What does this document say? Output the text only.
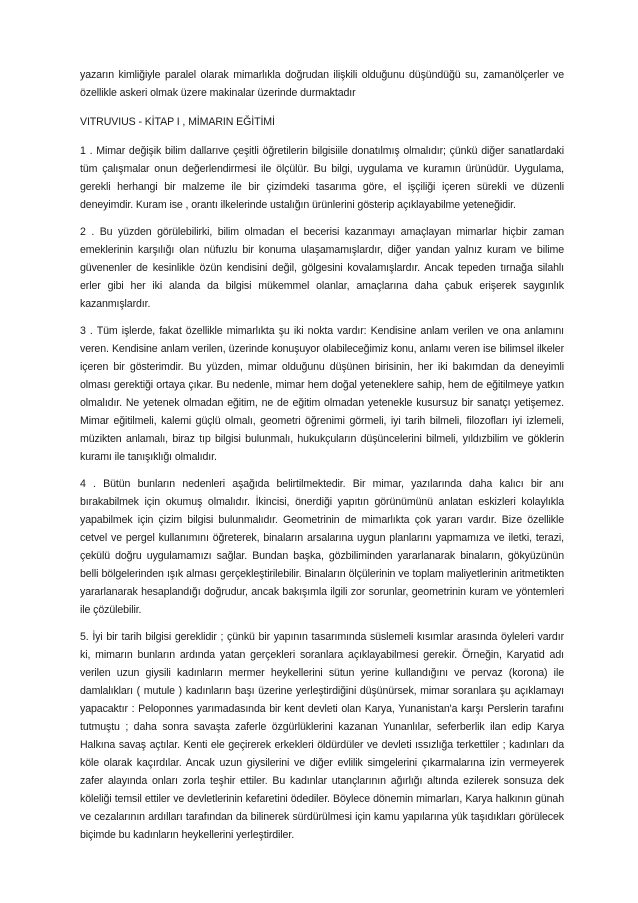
yazarın kimliğiyle paralel olarak mimarlıkla doğrudan ilişkili olduğunu düşündüğü su, zamanölçerler ve özellikle askeri olmak üzere makinalar üzerinde durmaktadır

VITRUVIUS - KİTAP I , MİMARIN EĞİTİMİ

1 . Mimar değişik bilim dallarıve çeşitli öğretilerin bilgisiile donatılmış olmalıdır; çünkü diğer sanatlardaki tüm çalışmalar onun değerlendirmesi ile ölçülür. Bu bilgi, uygulama ve kuramın ürünüdür. Uygulama, gerekli herhangi bir malzeme ile bir çizimdeki tasarıma göre, el işçiliği içeren sürekli ve düzenli deneyimdir. Kuram ise , orantı ilkelerinde ustalığın ürünlerini gösterip açıklayabilme yeteneğidir.

2 . Bu yüzden görülebilirki, bilim olmadan el becerisi kazanmayı amaçlayan mimarlar hiçbir zaman emeklerinin karşılığı olan nüfuzlu bir konuma ulaşamamışlardır, diğer yandan yalnız kuram ve bilime güvenenler de kesinlikle özün kendisini değil, gölgesini kovalamışlardır. Ancak tepeden tırnağa silahlı erler gibi her iki alanda da bilgisi mükemmel olanlar, amaçlarına daha çabuk erişerek saygınlık kazanmışlardır.

3 . Tüm işlerde, fakat özellikle mimarlıkta şu iki nokta vardır: Kendisine anlam verilen ve ona anlamını veren. Kendisine anlam verilen, üzerinde konuşuyor olabileceğimiz konu, anlamı veren ise bilimsel ilkeler içeren bir gösterimdir. Bu yüzden, mimar olduğunu düşünen birisinin, her iki bakımdan da deneyimli olması gerektiği ortaya çıkar. Bu nedenle, mimar hem doğal yeteneklere sahip, hem de eğitilmeye yatkın olmalıdır. Ne yetenek olmadan eğitim, ne de eğitim olmadan yetenekle kusursuz bir sanatçı yetişemez. Mimar eğitilmeli, kalemi güçlü olmalı, geometri öğrenimi görmeli, iyi tarih bilmeli, filozofları iyi izlemeli, müzikten anlamalı, biraz tıp bilgisi bulunmalı, hukukçuların düşüncelerini bilmeli, yıldızbilim ve göklerin kuramı ile tanışıklığı olmalıdır.

4 . Bütün bunların nedenleri aşağıda belirtilmektedir. Bir mimar, yazılarında daha kalıcı bir anı bırakabilmek için okumuş olmalıdır. İkincisi, önerdiği yapıtın görünümünü anlatan eskizleri kolaylıkla yapabilmek için çizim bilgisi bulunmalıdır. Geometrinin de mimarlıkta çok yararı vardır. Bize özellikle cetvel ve pergel kullanımını öğreterek, binaların arsalarına uygun planlarını yapmamıza ve iletki, terazi, çekülü doğru uygulamamızı sağlar. Bundan başka, gözbiliminden yararlanarak binaların, gökyüzünün belli bölgelerinden ışık alması gerçekleştirilebilir. Binaların ölçülerinin ve toplam maliyetlerinin aritmetikten yararlanarak hesaplandığı doğrudur, ancak bakışımla ilgili zor sorunlar, geometrinin kuram ve yöntemleri ile çözülebilir.

5. İyi bir tarih bilgisi gereklidir ; çünkü bir yapının tasarımında süslemeli kısımlar arasında öyleleri vardır ki, mimarın bunların ardında yatan gerçekleri soranlara açıklayabilmesi gerekir. Örneğin, Karyatid adı verilen uzun giysili kadınların mermer heykellerini sütun yerine kullandığını ve pervaz (korona) ile damlalıkları ( mutule ) kadınların başı üzerine yerleştirdiğini düşünürsek, mimar soranlara şu açıklamayı yapacaktır : Peloponnes yarımadasında bir kent devleti olan Karya, Yunanistan'a karşı Perslerin tarafını tutmuştu ; daha sonra savaşta zaferle özgürlüklerini kazanan Yunanlılar, seferberlik ilan edip Karya Halkına savaş açtılar. Kenti ele geçirerek erkekleri öldürdüler ve devleti ıssızlığa terkettiler ; kadınları da köle olarak kaçırdılar. Ancak uzun giysilerini ve diğer evlilik simgelerini çıkarmalarına izin vermeyerek zafer alayında onları zorla teşhir ettiler. Bu kadınlar utançlarının ağırlığı altında ezilerek sonsuza dek köleliği temsil ettiler ve devletlerinin kefaretini ödediler. Böylece dönemin mimarları, Karya halkının günah ve cezalarının ardılları tarafından da bilinerek sürdürülmesi için kamu yapılarına yük taşıdıkları görülecek biçimde bu kadınların heykellerini yerleştirdiler.
